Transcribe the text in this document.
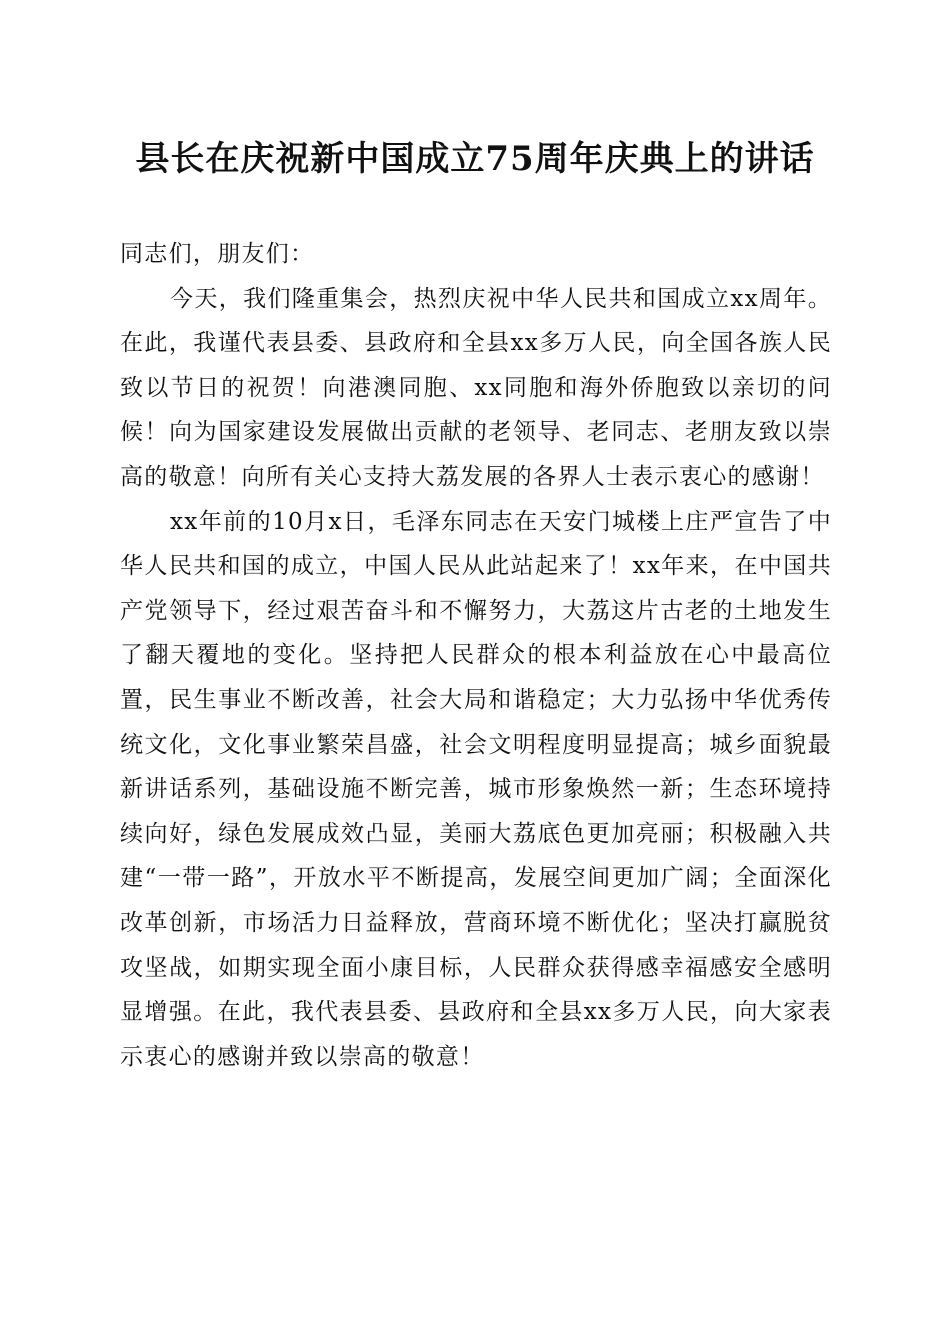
县长在庆祝新中国成立75周年庆典上的讲话

同志们，朋友们：

今天，我们隆重集会，热烈庆祝中华人民共和国成立xx周年。在此，我谨代表县委、县政府和全县xx多万人民，向全国各族人民致以节日的祝贺！向港澳同胞、xx同胞和海外侨胞致以亲切的问候！向为国家建设发展做出贡献的老领导、老同志、老朋友致以崇高的敬意！向所有关心支持大荔发展的各界人士表示衷心的感谢！

xx年前的10月x日，毛泽东同志在天安门城楼上庄严宣告了中华人民共和国的成立，中国人民从此站起来了！xx年来，在中国共产党领导下，经过艰苦奋斗和不懈努力，大荔这片古老的土地发生了翻天覆地的变化。坚持把人民群众的根本利益放在心中最高位置，民生事业不断改善，社会大局和谐稳定；大力弘扬中华优秀传统文化，文化事业繁荣昌盛，社会文明程度明显提高；城乡面貌最新讲话系列，基础设施不断完善，城市形象焕然一新；生态环境持续向好，绿色发展成效凸显，美丽大荔底色更加亮丽；积极融入共建“一带一路”，开放水平不断提高，发展空间更加广阔；全面深化改革创新，市场活力日益释放，营商环境不断优化；坚决打赢脱贫攻坚战，如期实现全面小康目标，人民群众获得感幸福感安全感明显增强。在此，我代表县委、县政府和全县xx多万人民，向大家表示衷心的感谢并致以崇高的敬意！
